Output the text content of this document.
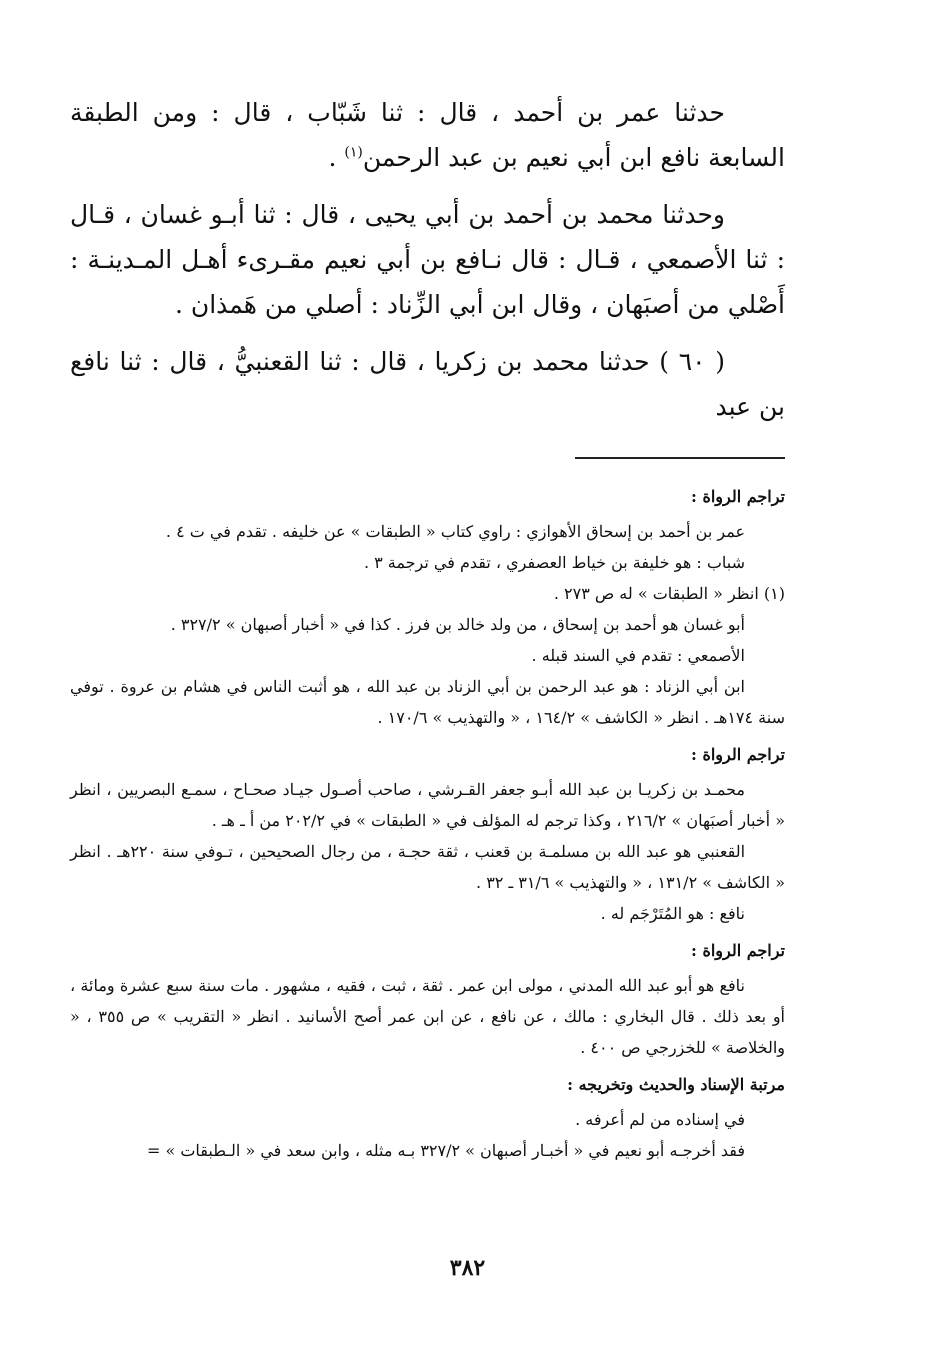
حدثنا عمر بن أحمد ، قال : ثنا شَبّاب ، قال : ومن الطبقة السابعة نافع ابن أبي نعيم بن عبد الرحمن$^{(١)}$ .

وحدثنا محمد بن أحمد بن أبي يحيى ، قال : ثنا أبـو غسان ، قـال : ثنا الأصمعي ، قـال : قال نـافع بن أبي نعيم مقـرىء أهـل المـدينـة : أَصْلي من أصبَهان ، وقال ابن أبي الزِّناد : أصلي من هَمذان .

( ٦٠ ) حدثنا محمد بن زكريا ، قال : ثنا القعنبيُّ ، قال : ثنا نافع بن عبد

تراجم الرواة :

عمر بن أحمد بن إسحاق الأهوازي : راوي كتاب « الطبقات » عن خليفه . تقدم في ت ٤ .

شباب : هو خليفة بن خياط العصفري ، تقدم في ترجمة ٣ .

(١) انظر « الطبقات » له ص ٢٧٣ .

أبو غسان هو أحمد بن إسحاق ، من ولد خالد بن فرز . كذا في « أخبار أصبهان » ٣٢٧/٢ .

الأصمعي : تقدم في السند قبله .

ابن أبي الزناد : هو عبد الرحمن بن أبي الزناد بن عبد الله ، هو أثبت الناس في هشام بن عروة . توفي سنة ١٧٤هـ . انظر « الكاشف » ١٦٤/٢ ، « والتهذيب » ١٧٠/٦ .

تراجم الرواة :

محمـد بن زكريـا بن عبد الله أبـو جعفر القـرشي ، صاحب أصـول جيـاد صحـاح ، سمـع البصريين ، انظر « أخبار أصبَهان » ٢١٦/٢ ، وكذا ترجم له المؤلف في « الطبقات » في ٢٠٢/٢ من أ ـ هـ .

القعنبي هو عبد الله بن مسلمـة بن قعنب ، ثقة حجـة ، من رجال الصحيحين ، تـوفي سنة ٢٢٠هـ . انظر « الكاشف » ١٣١/٢ ، « والتهذيب » ٣١/٦ ـ ٣٢ .

نافع : هو المُتَرْجَم له .

تراجم الرواة :

نافع هو أبو عبد الله المدني ، مولى ابن عمر . ثقة ، ثبت ، فقيه ، مشهور . مات سنة سبع عشرة ومائة ، أو بعد ذلك . قال البخاري : مالك ، عن نافع ، عن ابن عمر أصح الأسانيد . انظر « التقريب » ص ٣٥٥ ، « والخلاصة » للخزرجي ص ٤٠٠ .

مرتبة الإسناد والحديث وتخريجه :

في إسناده من لم أعرفه .

فقد أخرجـه أبو نعيم في « أخبـار أصبهان » ٣٢٧/٢ بـه مثله ، وابن سعد في « الـطبقات » =

٣٨٢
